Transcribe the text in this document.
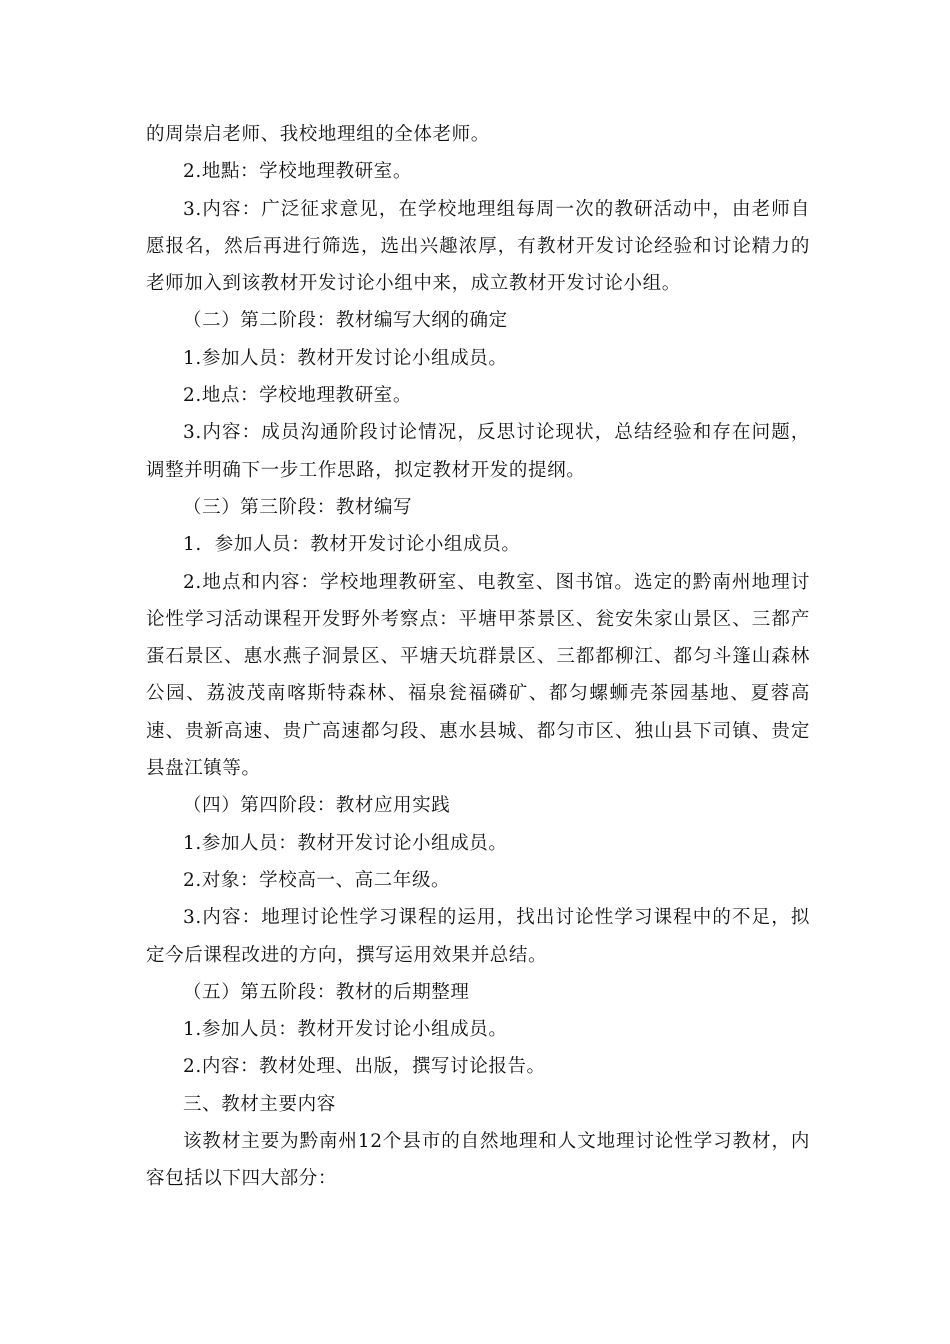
的周崇启老师、我校地理组的全体老师。

2.地點：学校地理教研室。

3.内容：广泛征求意见，在学校地理组每周一次的教研活动中，由老师自愿报名，然后再进行筛选，选出兴趣浓厚，有教材开发讨论经验和讨论精力的老师加入到该教材开发讨论小组中来，成立教材开发讨论小组。

（二）第二阶段：教材编写大纲的确定

1.参加人员：教材开发讨论小组成员。

2.地点：学校地理教研室。

3.内容：成员沟通阶段讨论情况，反思讨论现状，总结经验和存在问题，调整并明确下一步工作思路，拟定教材开发的提纲。

（三）第三阶段：教材编写

1.  参加人员：教材开发讨论小组成员。

2.地点和内容：学校地理教研室、电教室、图书馆。选定的黔南州地理讨论性学习活动课程开发野外考察点：平塘甲茶景区、瓮安朱家山景区、三都产蛋石景区、惠水燕子洞景区、平塘天坑群景区、三都都柳江、都匀斗篷山森林公园、荔波茂南喀斯特森林、福泉瓮福磷矿、都匀螺蛳壳茶园基地、夏蓉高速、贵新高速、贵广高速都匀段、惠水县城、都匀市区、独山县下司镇、贵定县盘江镇等。

（四）第四阶段：教材应用实践

1.参加人员：教材开发讨论小组成员。

2.对象：学校高一、高二年级。

3.内容：地理讨论性学习课程的运用，找出讨论性学习课程中的不足，拟定今后课程改进的方向，撰写运用效果并总结。

（五）第五阶段：教材的后期整理

1.参加人员：教材开发讨论小组成员。

2.内容：教材处理、出版，撰写讨论报告。

三、教材主要内容

该教材主要为黔南州12个县市的自然地理和人文地理讨论性学习教材，内容包括以下四大部分：
